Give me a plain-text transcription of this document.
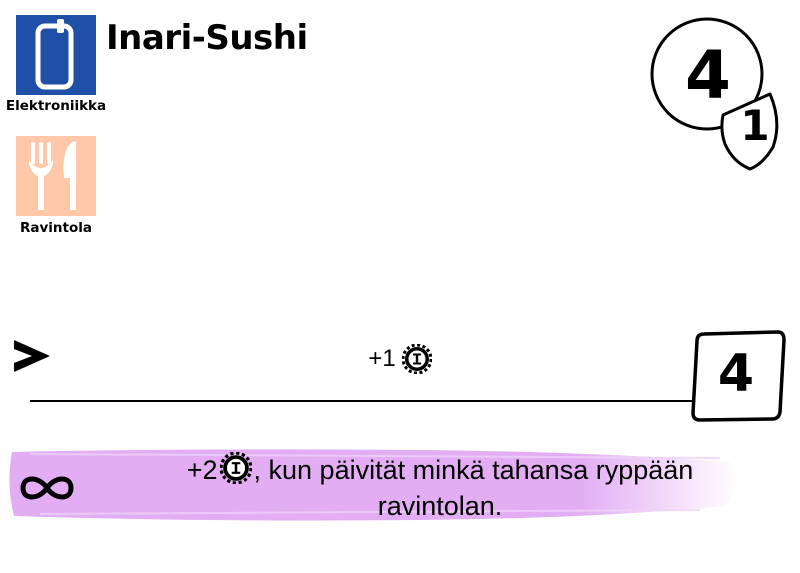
Elektroniikka
Ravintola
Inari-Sushi	4
1
+1	4
+2 , kun päivität minkä tahansa ryppään
ravintolan.
